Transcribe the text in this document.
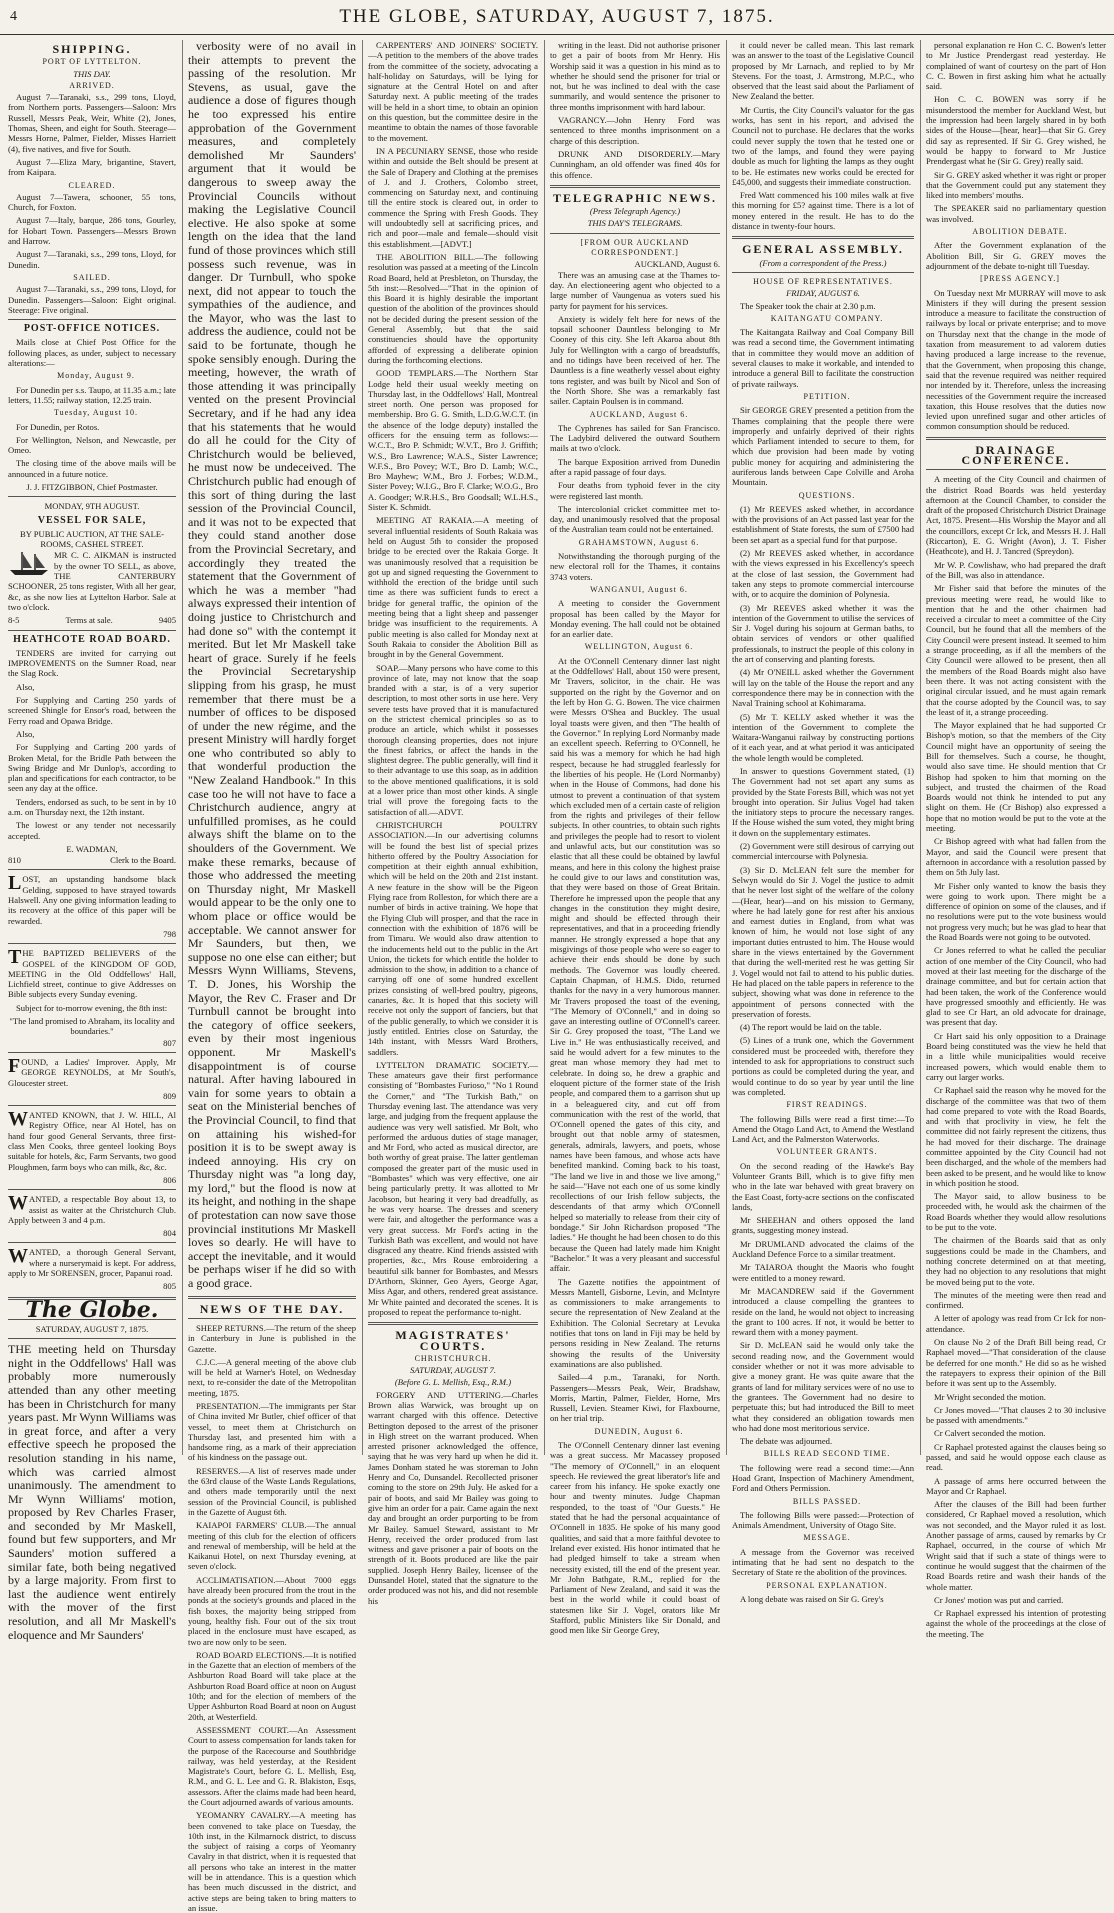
4	THE GLOBE, SATURDAY, AUGUST 7, 1875.
SHIPPING.
PORT OF LYTTELTON.
THIS DAY.
ARRIVED.

August 7—Taranaki, s.s., 299 tons, Lloyd, from Northern ports. Passengers—Saloon: Mrs Russell, Messrs Peak, Weir, White (2), Jones, Thomas, Sheen, and eight for South. Steerage—Messrs Horne, Palmer, Fielder, Misses Harriett (4), five natives, and five for South.

August 7—Eliza Mary, brigantine, Stavert, from Kaipara.

CLEARED.

August 7—Tawera, schooner, 55 tons, Church, for Foxton.

August 7—Italy, barque, 286 tons, Gourley, for Hobart Town. Passengers—Messrs Brown and Harrow.

August 7—Taranaki, s.s., 299 tons, Lloyd, for Dunedin.

SAILED.

August 7—Taranaki, s.s., 299 tons, Lloyd, for Dunedin. Passengers—Saloon: Eight original. Steerage: Five original.

POST-OFFICE NOTICES.

Mails close at Chief Post Office for the following places, as under, subject to necessary alterations:—

Monday, August 9.

For Dunedin per s.s. Taupo, at 11.35 a.m.; late letters, 11.55; railway station, 12.25 train.

Tuesday, August 10.

For Dunedin, per Rotos.

For Wellington, Nelson, and Newcastle, per Omeo.

The closing time of the above mails will be announced in a future notice.

J. J. FITZGIBBON, Chief Postmaster.
MONDAY, 9TH AUGUST.
VESSEL FOR SALE,
BY PUBLIC AUCTION, AT THE SALE-ROOMS, CASHEL STREET.

MR C. C. AIKMAN is instructed by the owner TO SELL, as above, THE CANTERBURY SCHOONER, 25 tons register, With all her gear, &c, as she now lies at Lyttelton Harbor. Sale at two o'clock.

8-5	Terms at sale.	9405
HEATHCOTE ROAD BOARD.

TENDERS are invited for carrying out IMPROVEMENTS on the Sumner Road, near the Slag Rock.

Also,

For Supplying and Carting 250 yards of screened Shingle for Ensor's road, between the Ferry road and Opawa Bridge.

Also,

For Supplying and Carting 200 yards of Broken Metal, for the Bridle Path between the Swing Bridge and Mr Dunlop's, according to plan and specifications for each contractor, to be seen any day at the office.

Tenders, endorsed as such, to be sent in by 10 a.m. on Thursday next, the 12th instant.

The lowest or any tender not necessarily accepted.

E. WADMAN,
810	Clerk to the Board.

LOST, an upstanding handsome black Gelding, supposed to have strayed towards Halswell. Any one giving information leading to its recovery at the office of this paper will be rewarded.

798

THE BAPTIZED BELIEVERS of the GOSPEL of the KINGDOM OF GOD, MEETING in the Old Oddfellows' Hall, Lichfield street, continue to give Addresses on Bible subjects every Sunday evening.

Subject for to-morrow evening, the 8th inst:

"The land promised to Abraham, its locality and boundaries."
807

FOUND, a Ladies' Improver. Apply, Mr GEORGE REYNOLDS, at Mr South's, Gloucester street.

809

WANTED KNOWN, that J. W. HILL, Al Registry Office, near Al Hotel, has on hand four good General Servants, three first-class Men Cooks, three genteel looking Boys suitable for hotels, &c, Farm Servants, two good Ploughmen, farm boys who can milk, &c, &c.

806

WANTED, a respectable Boy about 13, to assist as waiter at the Christchurch Club. Apply between 3 and 4 p.m.

804

WANTED, a thorough General Servant, where a nurserymaid is kept. For address, apply to Mr SORENSEN, grocer, Papanui road.

805
The Globe.
SATURDAY, AUGUST 7, 1875.

THE meeting held on Thursday night in the Oddfellows' Hall was probably more numerously attended than any other meeting has been in Christchurch for many years past. Mr Wynn Williams was in great force, and after a very effective speech he proposed the resolution standing in his name, which was carried almost unanimously. The amendment to Mr Wynn Williams' motion, proposed by Rev Charles Fraser, and seconded by Mr Maskell, found but few supporters, and Mr Saunders' motion suffered a similar fate, both being negatived by a large majority. From first to last the audience went entirely with the mover of the first resolution, and all Mr Maskell's eloquence and Mr Saunders'

verbosity were of no avail in their attempts to prevent the passing of the resolution. Mr Stevens, as usual, gave the audience a dose of figures though he too expressed his entire approbation of the Government measures, and completely demolished Mr Saunders' argument that it would be dangerous to sweep away the Provincial Councils without making the Legislative Council elective. He also spoke at some length on the idea that the land fund of those provinces which still possess such revenue, was in danger. Dr Turnbull, who spoke next, did not appear to touch the sympathies of the audience, and the Mayor, who was the last to address the audience, could not be said to be fortunate, though he spoke sensibly enough. During the meeting, however, the wrath of those attending it was principally vented on the present Provincial Secretary, and if he had any idea that his statements that he would do all he could for the City of Christchurch would be believed, he must now be undeceived. The Christchurch public had enough of this sort of thing during the last session of the Provincial Council, and it was not to be expected that they could stand another dose from the Provincial Secretary, and accordingly they treated the statement that the Government of which he was a member "had always expressed their intention of doing justice to Christchurch and had done so" with the contempt it merited. But let Mr Maskell take heart of grace. Surely if he feels the Provincial Secretaryship slipping from his grasp, he must remember that there must be a number of offices to be disposed of under the new régime, and the present Ministry will hardly forget one who contributed so ably to that wonderful production the "New Zealand Handbook." In this case too he will not have to face a Christchurch audience, angry at unfulfilled promises, as he could always shift the blame on to the shoulders of the Government. We make these remarks, because of those who addressed the meeting on Thursday night, Mr Maskell would appear to be the only one to whom place or office would be acceptable. We cannot answer for Mr Saunders, but then, we suppose no one else can either; but Messrs Wynn Williams, Stevens, T. D. Jones, his Worship the Mayor, the Rev C. Fraser and Dr Turnbull cannot be brought into the category of office seekers, even by their most ingenious opponent. Mr Maskell's disappointment is of course natural. After having laboured in vain for some years to obtain a seat on the Ministerial benches of the Provincial Council, to find that on attaining his wished-for position it is to be swept away is indeed annoying. His cry on Thursday night was "a long day, my lord," but the flood is now at its height, and nothing in the shape of protestation can now save those provincial institutions Mr Maskell loves so dearly. He will have to accept the inevitable, and it would be perhaps wiser if he did so with a good grace.

NEWS OF THE DAY.

SHEEP RETURNS.—The return of the sheep in Canterbury in June is published in the Gazette.

C.J.C.—A general meeting of the above club will be held at Warner's Hotel, on Wednesday next, to re-consider the date of the Metropolitan meeting, 1875.

PRESENTATION.—The immigrants per Star of China invited Mr Butler, chief officer of that vessel, to meet them at Christchurch on Thursday last, and presented him with a handsome ring, as a mark of their appreciation of his kindness on the passage out.

RESERVES.—A list of reserves made under the 63rd clause of the Waste Lands Regulations, and others made temporarily until the next session of the Provincial Council, is published in the Gazette of August 6th.

KAIAPOI FARMERS' CLUB.—The annual meeting of this club for the election of officers and renewal of membership, will be held at the Kaikanui Hotel, on next Thursday evening, at seven o'clock.

ACCLIMATISATION.—About 7000 eggs have already been procured from the trout in the ponds at the society's grounds and placed in the fish boxes, the majority being stripped from young, healthy fish. Four out of the six trout placed in the enclosure must have escaped, as two are now only to be seen.

ROAD BOARD ELECTIONS.—It is notified in the Gazette that an election of members of the Ashburton Road Board will take place at the Ashburton Road Board office at noon on August 10th; and for the election of members of the Upper Ashburton Road Board at noon on August 20th, at Westerfield.

ASSESSMENT COURT.—An Assessment Court to assess compensation for lands taken for the purpose of the Racecourse and Southbridge railway, was held yesterday, at the Resident Magistrate's Court, before G. L. Mellish, Esq, R.M., and G. L. Lee and G. R. Blakiston, Esqs, assessors. After the claims made had been heard, the Court adjourned awards of various amounts.

YEOMANRY CAVALRY.—A meeting has been convened to take place on Tuesday, the 10th inst, in the Kilmarnock district, to discuss the subject of raising a corps of Yeomanry Cavalry in that district, when it is requested that all persons who take an interest in the matter will be in attendance. This is a question which has been much discussed in the district, and active steps are being taken to bring matters to an issue.

CARPENTERS' AND JOINERS' SOCIETY.—A petition to the members of the above trades from the committee of the society, advocating a half-holiday on Saturdays, will be lying for signature at the Central Hotel on and after Saturday next. A public meeting of the trades will be held in a short time, to obtain an opinion on this question, but the committee desire in the meantime to obtain the names of those favorable to the movement.

IN A PECUNIARY SENSE, those who reside within and outside the Belt should be present at the Sale of Drapery and Clothing at the premises of J. and J. Crothers, Colombo street, commencing on Saturday next, and continuing till the entire stock is cleared out, in order to commence the Spring with Fresh Goods. They will undoubtedly sell at sacrificing prices, and rich and poor—male and female—should visit this establishment.—[ADVT.]

THE ABOLITION BILL.—The following resolution was passed at a meeting of the Lincoln Road Board, held at Presbleton, on Thursday, the 5th inst:—Resolved—"That in the opinion of this Board it is highly desirable the important question of the abolition of the provinces should not be decided during the present session of the General Assembly, but that the said constituencies should have the opportunity afforded of expressing a deliberate opinion during the forthcoming elections.

GOOD TEMPLARS.—The Northern Star Lodge held their usual weekly meeting on Thursday last, in the Oddfellows' Hall, Montreal street north. One person was proposed for membership. Bro G. G. Smith, L.D.G.W.C.T. (in the absence of the lodge deputy) installed the officers for the ensuing term as follows:—W.C.T., Bro P. Schmidt; W.V.T., Bro J. Griffith; W.S., Bro Lawrence; W.A.S., Sister Lawrence; W.F.S., Bro Povey; W.T., Bro D. Lamb; W.C., Bro Mayhew; W.M., Bro J. Forbes; W.D.M., Sister Povey; W.I.G., Bro F. Clarke; W.O.G., Bro A. Goodger; W.R.H.S., Bro Goodsall; W.L.H.S., Sister K. Schmidt.

MEETING AT RAKAIA.—A meeting of several influential residents of South Rakaia was held on August 5th to consider the proposed bridge to be erected over the Rakaia Gorge. It was unanimously resolved that a requisition be got up and signed requesting the Government to withhold the erection of the bridge until such time as there was sufficient funds to erect a bridge for general traffic, the opinion of the meeting being that a light sheep and passenger bridge was insufficient to the requirements. A public meeting is also called for Monday next at South Rakaia to consider the Abolition Bill as brought in by the General Government.

SOAP.—Many persons who have come to this province of late, may not know that the soap branded with a star, is of a very superior description, to most other sorts in use here. Very severe tests have proved that it is manufactured on the strictest chemical principles so as to produce an article, which whilst it possesses thorough cleansing properties, does not injure the finest fabrics, or affect the hands in the slightest degree. The public generally, will find it to their advantage to use this soap, as in addition to the above mentioned qualifications, it is sold at a lower price than most other kinds. A single trial will prove the foregoing facts to the satisfaction of all.—ADVT.

CHRISTCHURCH POULTRY ASSOCIATION.—In our advertising columns will be found the best list of special prizes hitherto offered by the Poultry Association for competition at their eighth annual exhibition, which will be held on the 20th and 21st instant. A new feature in the show will be the Pigeon Flying race from Rolleston, for which there are a number of birds in active training. We hope that the Flying Club will prosper, and that the race in connection with the exhibition of 1876 will be from Timaru. We would also draw attention to the inducements held out to the public in the Art Union, the tickets for which entitle the holder to admission to the show, in addition to a chance of carrying off one of some hundred excellent prizes consisting of well-bred poultry, pigeons, canaries, &c. It is hoped that this society will receive not only the support of fanciers, but that of the public generally, to which we consider it is justly entitled. Entries close on Saturday, the 14th instant, with Messrs Ward Brothers, saddlers.

LYTTELTON DRAMATIC SOCIETY.—These amateurs gave their first performance consisting of "Bombastes Furioso," "No 1 Round the Corner," and "The Turkish Bath," on Thursday evening last. The attendance was very large, and judging from the frequent applause the audience was very well satisfied. Mr Bolt, who performed the arduous duties of stage manager, and Mr Ford, who acted as musical director, are both worthy of great praise. The latter gentleman composed the greater part of the music used in "Bombastes" which was very effective, one air being particularly pretty. It was allotted to Mr Jacobson, but hearing it very bad dreadfully, as he was very hoarse. The dresses and scenery were fair, and altogether the performance was a very great success. Mr Ford's acting in the Turkish Bath was excellent, and would not have disgraced any theatre. Kind friends assisted with properties, &c., Mrs Rouse embroidering a beautiful silk banner for Bombastes, and Messrs D'Arthorn, Skinner, Geo Ayers, George Agar, Miss Agar, and others, rendered great assistance. Mr White painted and decorated the scenes. It is proposed to repeat the performance to-night.

MAGISTRATES' COURTS.
CHRISTCHURCH.
SATURDAY, AUGUST 7.
(Before G. L. Mellish, Esq., R.M.)

FORGERY AND UTTERING.—Charles Brown alias Warwick, was brought up on warrant charged with this offence. Detective Bettington deposed to the arrest of the prisoner in High street on the warrant produced. When arrested prisoner acknowledged the offence, saying that he was very hard up when he did it. James Donham stated he was storeman to John Henry and Co, Dunsandel. Recollected prisoner coming to the store on 29th July. He asked for a pair of boots, and said Mr Bailey was going to give him an order for a pair. Came again the next day and brought an order purporting to be from Mr Bailey. Samuel Steward, assistant to Mr Henry, received the order produced from last witness and gave prisoner a pair of boots on the strength of it. Boots produced are like the pair supplied. Joseph Henry Bailey, licensee of the Dunsandel Hotel, stated that the signature to the order produced was not his, and did not resemble his

writing in the least. Did not authorise prisoner to get a pair of boots from Mr Henry. His Worship said it was a question in his mind as to whether he should send the prisoner for trial or not, but he was inclined to deal with the case summarily, and would sentence the prisoner to three months imprisonment with hard labour.

VAGRANCY.—John Henry Ford was sentenced to three months imprisonment on a charge of this description.

DRUNK AND DISORDERLY.—Mary Cunningham, an old offender was fined 40s for this offence.

TELEGRAPHIC NEWS.
(Press Telegraph Agency.)
THIS DAY'S TELEGRAMS.
[FROM OUR AUCKLAND CORRESPONDENT.]
AUCKLAND, August 6.

There was an amusing case at the Thames to-day. An electioneering agent who objected to a large number of Vaungenua as voters sued his party for payment for his services.

Anxiety is widely felt here for news of the topsail schooner Dauntless belonging to Mr Cooney of this city. She left Akaroa about 8th July for Wellington with a cargo of breadstuffs, and no tidings have been received of her. The Dauntless is a fine weatherly vessel about eighty tons register, and was built by Nicol and Son of the North Shore. She was a remarkably fast sailer. Captain Poulsen is in command.

AUCKLAND, August 6.

The Cyphrenes has sailed for San Francisco. The Ladybird delivered the outward Southern mails at two o'clock.

The barque Exposition arrived from Dunedin after a rapid passage of four days.

Four deaths from typhoid fever in the city were registered last month.

The intercolonial cricket committee met to-day, and unanimously resolved that the proposal of the Australian team could not be entertained.

GRAHAMSTOWN, August 6.

Notwithstanding the thorough purging of the new electoral roll for the Thames, it contains 3743 voters.

WANGANUI, August 6.

A meeting to consider the Government proposal has been called by the Mayor for Monday evening. The hall could not be obtained for an earlier date.

WELLINGTON, August 6.

At the O'Connell Centenary dinner last night at the Oddfellows' Hall, about 150 were present, Mr Travers, solicitor, in the chair. He was supported on the right by the Governor and on the left by Hon G. G. Bowen. The vice chairmen were Messrs O'Shea and Buckley. The usual loyal toasts were given, and then "The health of the Governor." In replying Lord Normanby made an excellent speech. Referring to O'Connell, he said his was a memory for which he had high respect, because he had struggled fearlessly for the liberties of his people. He (Lord Normanby) when in the House of Commons, had done his utmost to prevent a continuation of that system which excluded men of a certain caste of religion from the rights and privileges of their fellow subjects. In other countries, to obtain such rights and privileges the people had to resort to violent and unlawful acts, but our constitution was so elastic that all these could be obtained by lawful means, and here in this colony the highest praise he could give to our laws and constitution was, that they were based on those of Great Britain. Therefore he impressed upon the people that any changes in the constitution they might desire, might and should be effected through their representatives, and that in a proceeding friendly manner. He strongly expressed a hope that any misgivings of those people who were so eager to achieve their ends should be done by such methods. The Governor was loudly cheered. Captain Chapman, of H.M.S. Dido, returned thanks for the navy in a very humorous manner. Mr Travers proposed the toast of the evening, "The Memory of O'Connell," and in doing so gave an interesting outline of O'Connell's career. Sir G. Grey proposed the toast, "The Land we Live in." He was enthusiastically received, and said he would advert for a few minutes to the great man whose memory they had met to celebrate. In doing so, he drew a graphic and eloquent picture of the former state of the Irish people, and compared them to a garrison shut up in a beleaguered city, and cut off from communication with the rest of the world, that O'Connell opened the gates of this city, and brought out that noble army of statesmen, generals, admirals, lawyers, and poets, whose names have been famous, and whose acts have benefited mankind. Coming back to his toast, "The land we live in and those we live among," he said—"Have not each one of us some kindly recollections of our Irish fellow subjects, the descendants of that army which O'Connell helped so materially to release from their city of bondage." Sir John Richardson proposed "The ladies." He thought he had been chosen to do this because the Queen had lately made him Knight "Bachelor." It was a very pleasant and successful affair.

The Gazette notifies the appointment of Messrs Mantell, Gisborne, Levin, and McIntyre as commissioners to make arrangements to secure the representation of New Zealand at the Exhibition. The Colonial Secretary at Levuka notifies that tons on land in Fiji may be held by persons residing in New Zealand. The returns showing the results of the University examinations are also published.

Sailed—4 p.m., Taranaki, for North. Passengers—Messrs Peak, Weir, Bradshaw, Morris, Martin, Palmer, Fielder, Horne, Mrs Russell, Levien. Steamer Kiwi, for Flaxbourne, on her trial trip.

DUNEDIN, August 6.

The O'Connell Centenary dinner last evening was a great success. Mr Macassey proposed "The memory of O'Connell," in an eloquent speech. He reviewed the great liberator's life and career from his infancy. He spoke exactly one hour and twenty minutes. Judge Chapman responded, to the toast of "Our Guests." He stated that he had the personal acquaintance of O'Connell in 1835. He spoke of his many good qualities, and said that a more faithful devotee to Ireland ever existed. His honor intimated that he had pledged himself to take a stream when necessity existed, till the end of the present year. Mr John Bathgate, R.M., replied for the Parliament of New Zealand, and said it was the best in the world while it could boast of statesmen like Sir J. Vogel, orators like Mr Stafford, public Ministers like Sir Donald, and good men like Sir George Grey,

it could never be called mean. This last remark was an answer to the toast of the Legislative Council proposed by Mr Larnach, and replied to by Mr Stevens. For the toast, J. Armstrong, M.P.C., who observed that the least said about the Parliament of New Zealand the better.

Mr Curtis, the City Council's valuator for the gas works, has sent in his report, and advised the Council not to purchase. He declares that the works could never supply the town that he tested one or two of the lamps, and found they were paying double as much for lighting the lamps as they ought to be. He estimates new works could be erected for £45,000, and suggests their immediate construction.

Fred Watt commenced his 100 miles walk at five this morning for £5? against time. There is a lot of money entered in the result. He has to do the distance in twenty-four hours.

GENERAL ASSEMBLY.
(From a correspondent of the Press.)
HOUSE OF REPRESENTATIVES.
FRIDAY, AUGUST 6.

The Speaker took the chair at 2.30 p.m.

KAITANGATU COMPANY.

The Kaitangata Railway and Coal Company Bill was read a second time, the Government intimating that in committee they would move an addition of several clauses to make it workable, and intended to introduce a general Bill to facilitate the construction of private railways.

PETITION.

Sir GEORGE GREY presented a petition from the Thames complaining that the people there were improperly and unfairly deprived of their rights which Parliament intended to secure to them, for which due provision had been made by voting public money for acquiring and administering the auriferous lands between Cape Colville and Aroha Mountain.

QUESTIONS.

(1) Mr REEVES asked whether, in accordance with the provisions of an Act passed last year for the establishment of State forests, the sum of £7500 had been set apart as a special fund for that purpose.

(2) Mr REEVES asked whether, in accordance with the views expressed in his Excellency's speech at the close of last session, the Government had taken any steps to promote commercial intercourse with, or to acquire the dominion of Polynesia.

(3) Mr REEVES asked whether it was the intention of the Government to utilise the services of Sir J. Vogel during his sojourn at German baths, to obtain services of vendors or other qualified professionals, to instruct the people of this colony in the art of conserving and planting forests.

(4) Mr O'NEILL asked whether the Government will lay on the table of the House the report and any correspondence there may be in connection with the Naval Training school at Kohimarama.

(5) Mr T. KELLY asked whether it was the intention of the Government to complete the Waitara-Wanganui railway by constructing portions of it each year, and at what period it was anticipated the whole length would be completed.

In answer to questions Government stated, (1) The Government had not set apart any sums as provided by the State Forests Bill, which was not yet brought into operation. Sir Julius Vogel had taken the initiatory steps to procure the necessary ranges. If the House wished the sum voted, they might bring it down on the supplementary estimates.

(2) Government were still desirous of carrying out commercial intercourse with Polynesia.

(3) Sir D. McLEAN felt sure the member for Selwyn would do Sir J. Vogel the justice to admit that he never lost sight of the welfare of the colony—(Hear, hear)—and on his mission to Germany, where he had lately gone for rest after his anxious and earnest duties in England, from what was known of him, he would not lose sight of any important duties entrusted to him. The House would share in the views entertained by the Government that during the well-merited rest he was getting Sir J. Vogel would not fail to attend to his public duties. He had placed on the table papers in reference to the subject, showing what was done in reference to the appointment of persons connected with the preservation of forests.

(4) The report would be laid on the table.

(5) Lines of a trunk one, which the Government considered must be proceeded with, therefore they intended to ask for appropriations to construct such portions as could be completed during the year, and would continue to do so year by year until the line was completed.

FIRST READINGS.

The following Bills were read a first time:—To Amend the Otago Land Act, to Amend the Westland Land Act, and the Palmerston Waterworks.

VOLUNTEER GRANTS.

On the second reading of the Hawke's Bay Volunteer Grants Bill, which is to give fifty men who in the late war behaved with great bravery on the East Coast, forty-acre sections on the confiscated lands,

Mr SHEEHAN and others opposed the land grants, suggesting money instead.

Mr DRUMLAND advocated the claims of the Auckland Defence Force to a similar treatment.

Mr TAIAROA thought the Maoris who fought were entitled to a money reward.

Mr MACANDREW said if the Government introduced a clause compelling the grantees to reside on the land, he would not object to increasing the grant to 100 acres. If not, it would be better to reward them with a money payment.

Sir D. McLEAN said he would only take the second reading now, and the Government would consider whether or not it was more advisable to give a money grant. He was quite aware that the grants of land for military services were of no use to the grantees. The Government had no desire to perpetuate this; but had introduced the Bill to meet what they considered an obligation towards men who had done most meritorious service.

The debate was adjourned.

BILLS READ SECOND TIME.

The following were read a second time:—Ann Hoad Grant, Inspection of Machinery Amendment, Ford and Others Permission.

BILLS PASSED.

The following Bills were passed:—Protection of Animals Amendment, University of Otago Site.

MESSAGE.

A message from the Governor was received intimating that he had sent no despatch to the Secretary of State re the abolition of the provinces.

PERSONAL EXPLANATION.

A long debate was raised on Sir G. Grey's

personal explanation re Hon C. C. Bowen's letter to Mr Justice Prendergast read yesterday. He complained of want of courtesy on the part of Hon C. C. Bowen in first asking him what he actually said.

Hon C. C. BOWEN was sorry if he misunderstood the member for Auckland West, but the impression had been largely shared in by both sides of the House—[hear, hear]—that Sir G. Grey did say as represented. If Sir G. Grey wished, he would be happy to forward to Mr Justice Prendergast what he (Sir G. Grey) really said.

Sir G. GREY asked whether it was right or proper that the Government could put any statement they liked into members' mouths.

The SPEAKER said no parliamentary question was involved.

ABOLITION DEBATE.

After the Government explanation of the Abolition Bill, Sir G. GREY moves the adjournment of the debate to-night till Tuesday.

[PRESS AGENCY.]

On Tuesday next Mr MURRAY will move to ask Ministers if they will during the present session introduce a measure to facilitate the construction of railways by local or private enterprise; and to move on Thursday next that the change in the mode of taxation from measurement to ad valorem duties having produced a large increase to the revenue, that the Government, when proposing this change, said that the revenue required was neither required nor intended by it. Therefore, unless the increasing necessities of the Government require the increased taxation, this House resolves that the duties now levied upon unrefined sugar and other articles of common consumption should be reduced.

DRAINAGE CONFERENCE.

A meeting of the City Council and chairmen of the district Road Boards was held yesterday afternoon at the Council Chamber, to consider the draft of the proposed Christchurch District Drainage Act, 1875. Present—His Worship the Mayor and all the councillors, except Cr Ick, and Messrs H. J. Hall (Riccarton), E. G. Wright (Avon), J. T. Fisher (Heathcote), and H. J. Tancred (Spreydon).

Mr W. P. Cowlishaw, who had prepared the draft of the Bill, was also in attendance.

Mr Fisher said that before the minutes of the previous meeting were read, he would like to mention that he and the other chairmen had received a circular to meet a committee of the City Council, but he found that all the members of the City Council were present instead. It seemed to him a strange proceeding, as if all the members of the City Council were allowed to be present, then all the members of the Road Boards might also have been there. It was not acting consistent with the original circular issued, and he must again remark that the course adopted by the Council was, to say the least of it, a strange proceeding.

The Mayor explained that he had supported Cr Bishop's motion, so that the members of the City Council might have an opportunity of seeing the Bill for themselves. Such a course, he thought, would also save time. He should mention that Cr Bishop had spoken to him that morning on the subject, and trusted the chairmen of the Road Boards would not think he intended to put any slight on them. He (Cr Bishop) also expressed a hope that no motion would be put to the vote at the meeting.

Cr Bishop agreed with what had fallen from the Mayor, and said the Council were present that afternoon in accordance with a resolution passed by them on 5th July last.

Mr Fisher only wanted to know the basis they were going to work upon. There might be a difference of opinion on some of the clauses, and if no resolutions were put to the vote business would not progress very much; but he was glad to hear that the Road Boards were not going to be outvoted.

Cr Jones referred to what he called the peculiar action of one member of the City Council, who had moved at their last meeting for the discharge of the drainage committee, and but for certain action that had been taken, the work of the Conference would have progressed smoothly and efficiently. He was glad to see Cr Hart, an old advocate for drainage, was present that day.

Cr Hart said his only opposition to a Drainage Board being constituted was the view he held that in a little while municipalities would receive increased powers, which would enable them to carry out larger works.

Cr Raphael said the reason why he moved for the discharge of the committee was that two of them had come prepared to vote with the Road Boards, and with that proclivity in view, he felt the committee did not fairly represent the citizens, thus he had moved for their discharge. The drainage committee appointed by the City Council had not been discharged, and the whole of the members had been asked to be present, and he would like to know in which position he stood.

The Mayor said, to allow business to be proceeded with, he would ask the chairmen of the Road Boards whether they would allow resolutions to be put to the vote.

The chairmen of the Boards said that as only suggestions could be made in the Chambers, and nothing concrete determined on at that meeting, they had no objection to any resolutions that might be moved being put to the vote.

The minutes of the meeting were then read and confirmed.

A letter of apology was read from Cr Ick for non-attendance.

On clause No 2 of the Draft Bill being read, Cr Raphael moved—"That consideration of the clause be deferred for one month." He did so as he wished the ratepayers to express their opinion of the Bill before it was sent up to the Assembly.

Mr Wright seconded the motion.

Cr Jones moved—"That clauses 2 to 30 inclusive be passed with amendments."

Cr Calvert seconded the motion.

Cr Raphael protested against the clauses being so passed, and said he would oppose each clause as read.

A passage of arms here occurred between the Mayor and Cr Raphael.

After the clauses of the Bill had been further considered, Cr Raphael moved a resolution, which was not seconded, and the Mayor ruled it as lost. Another passage of arms, caused by remarks by Cr Raphael, occurred, in the course of which Mr Wright said that if such a state of things were to continue he would suggest that the chairmen of the Road Boards retire and wash their hands of the whole matter.

Cr Jones' motion was put and carried.

Cr Raphael expressed his intention of protesting against the whole of the proceedings at the close of the meeting. The
